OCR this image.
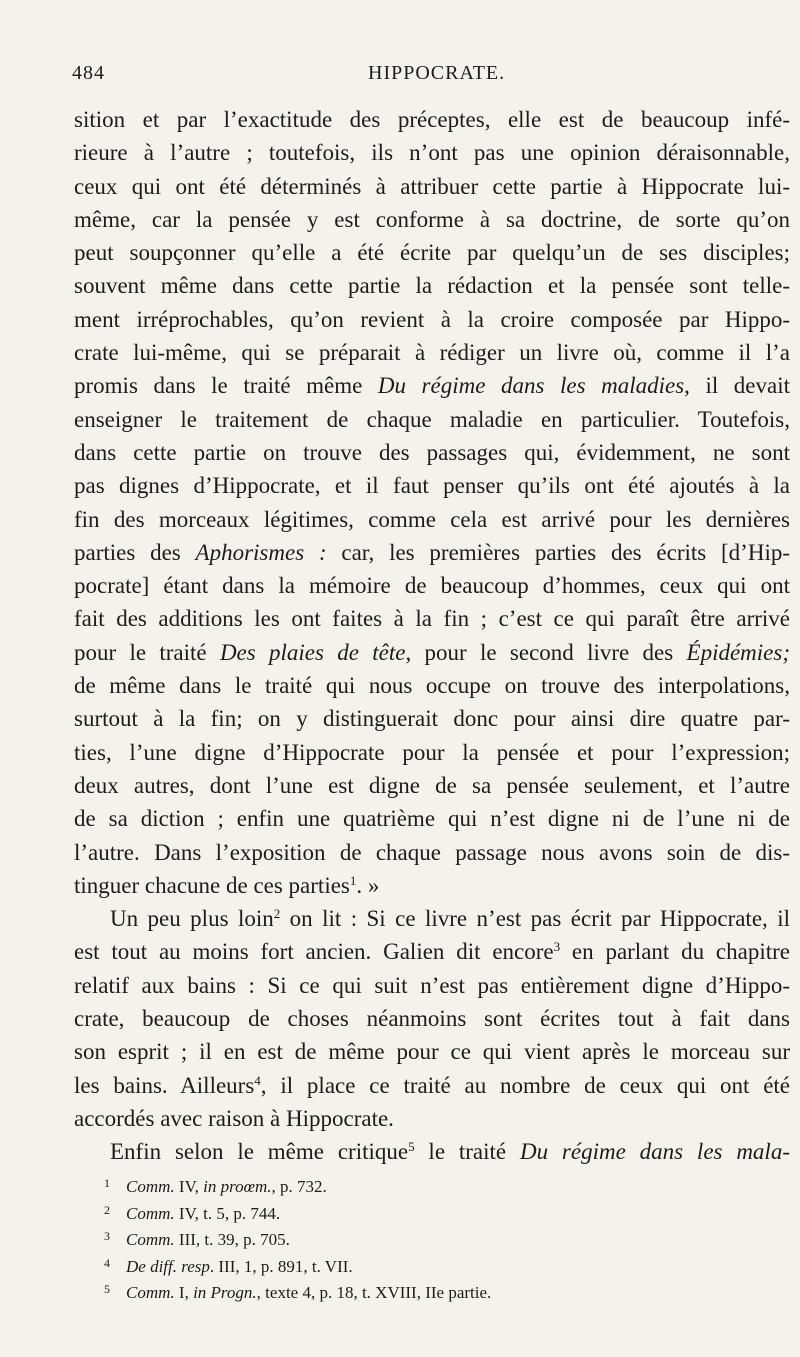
484	HIPPOCRATE.
sition et par l’exactitude des préceptes, elle est de beaucoup infé-
rieure à l’autre ; toutefois, ils n’ont pas une opinion déraisonnable,
ceux qui ont été déterminés à attribuer cette partie à Hippocrate lui-
même, car la pensée y est conforme à sa doctrine, de sorte qu’on
peut soupçonner qu’elle a été écrite par quelqu’un de ses disciples;
souvent même dans cette partie la rédaction et la pensée sont telle-
ment irréprochables, qu’on revient à la croire composée par Hippo-
crate lui-même, qui se préparait à rédiger un livre où, comme il l’a
promis dans le traité même Du régime dans les maladies, il devait
enseigner le traitement de chaque maladie en particulier. Toutefois,
dans cette partie on trouve des passages qui, évidemment, ne sont
pas dignes d’Hippocrate, et il faut penser qu’ils ont été ajoutés à la
fin des morceaux légitimes, comme cela est arrivé pour les dernières
parties des Aphorismes : car, les premières parties des écrits [d’Hip-
pocrate] étant dans la mémoire de beaucoup d’hommes, ceux qui ont
fait des additions les ont faites à la fin ; c’est ce qui paraît être arrivé
pour le traité Des plaies de tête, pour le second livre des Épidémies;
de même dans le traité qui nous occupe on trouve des interpolations,
surtout à la fin; on y distinguerait donc pour ainsi dire quatre par-
ties, l’une digne d’Hippocrate pour la pensée et pour l’expression;
deux autres, dont l’une est digne de sa pensée seulement, et l’autre
de sa diction ; enfin une quatrième qui n’est digne ni de l’une ni de
l’autre. Dans l’exposition de chaque passage nous avons soin de dis-
tinguer chacune de ces parties$^1$. »
Un peu plus loin$^2$ on lit : Si ce livre n’est pas écrit par Hippocrate, il
est tout au moins fort ancien. Galien dit encore$^3$ en parlant du chapitre
relatif aux bains : Si ce qui suit n’est pas entièrement digne d’Hippo-
crate, beaucoup de choses néanmoins sont écrites tout à fait dans
son esprit ; il en est de même pour ce qui vient après le morceau sur
les bains. Ailleurs$^4$, il place ce traité au nombre de ceux qui ont été
accordés avec raison à Hippocrate.
Enfin selon le même critique$^5$ le traité Du régime dans les mala-
1 Comm. IV, in proœm., p. 732.
2 Comm. IV, t. 5, p. 744.
3 Comm. III, t. 39, p. 705.
4 De diff. resp. III, 1, p. 891, t. VII.
5 Comm. I, in Progn., texte 4, p. 18, t. XVIII, IIe partie.
